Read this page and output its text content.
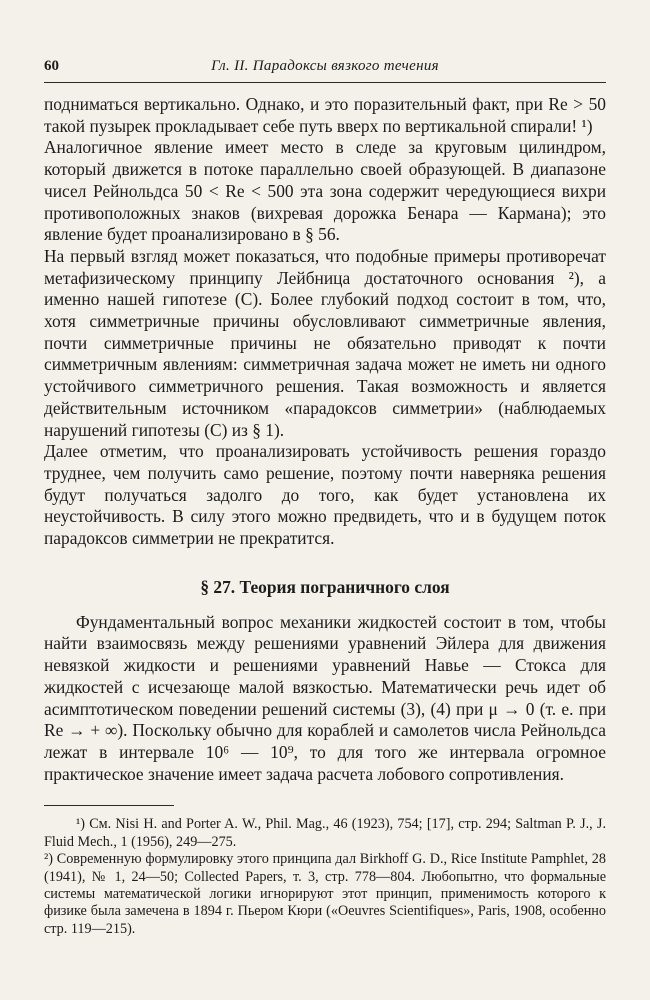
60	Гл. II. Парадоксы вязкого течения

подниматься вертикально. Однако, и это поразительный факт, при Re > 50 такой пузырек прокладывает себе путь вверх по вертикальной спирали! ¹)

Аналогичное явление имеет место в следе за круговым цилиндром, который движется в потоке параллельно своей образующей. В диапазоне чисел Рейнольдса 50 < Re < 500 эта зона содержит чередующиеся вихри противоположных знаков (вихревая дорожка Бенара — Кармана); это явление будет проанализировано в § 56.

На первый взгляд может показаться, что подобные примеры противоречат метафизическому принципу Лейбница достаточного основания ²), а именно нашей гипотезе (С). Более глубокий подход состоит в том, что, хотя симметричные причины обусловливают симметричные явления, почти симметричные причины не обязательно приводят к почти симметричным явлениям: симметричная задача может не иметь ни одного устойчивого симметричного решения. Такая возможность и является действительным источником «парадоксов симметрии» (наблюдаемых нарушений гипотезы (С) из § 1).

Далее отметим, что проанализировать устойчивость решения гораздо труднее, чем получить само решение, поэтому почти наверняка решения будут получаться задолго до того, как будет установлена их неустойчивость. В силу этого можно предвидеть, что и в будущем поток парадоксов симметрии не прекратится.

§ 27. Теория пограничного слоя

Фундаментальный вопрос механики жидкостей состоит в том, чтобы найти взаимосвязь между решениями уравнений Эйлера для движения невязкой жидкости и решениями уравнений Навье — Стокса для жидкостей с исчезающе малой вязкостью. Математически речь идет об асимптотическом поведении решений системы (3), (4) при μ → 0 (т. е. при Re → + ∞). Поскольку обычно для кораблей и самолетов числа Рейнольдса лежат в интервале 10⁶ — 10⁹, то для того же интервала огромное практическое значение имеет задача расчета лобового сопротивления.

¹) См. Nisi H. and Porter A. W., Phil. Mag., 46 (1923), 754; [17], стр. 294; Saltman P. J., J. Fluid Mech., 1 (1956), 249—275.

²) Современную формулировку этого принципа дал Birkhoff G. D., Rice Institute Pamphlet, 28 (1941), № 1, 24—50; Collected Papers, т. 3, стр. 778—804. Любопытно, что формальные системы математической логики игнорируют этот принцип, применимость которого к физике была замечена в 1894 г. Пьером Кюри («Oeuvres Scientifiques», Paris, 1908, особенно стр. 119—215).
